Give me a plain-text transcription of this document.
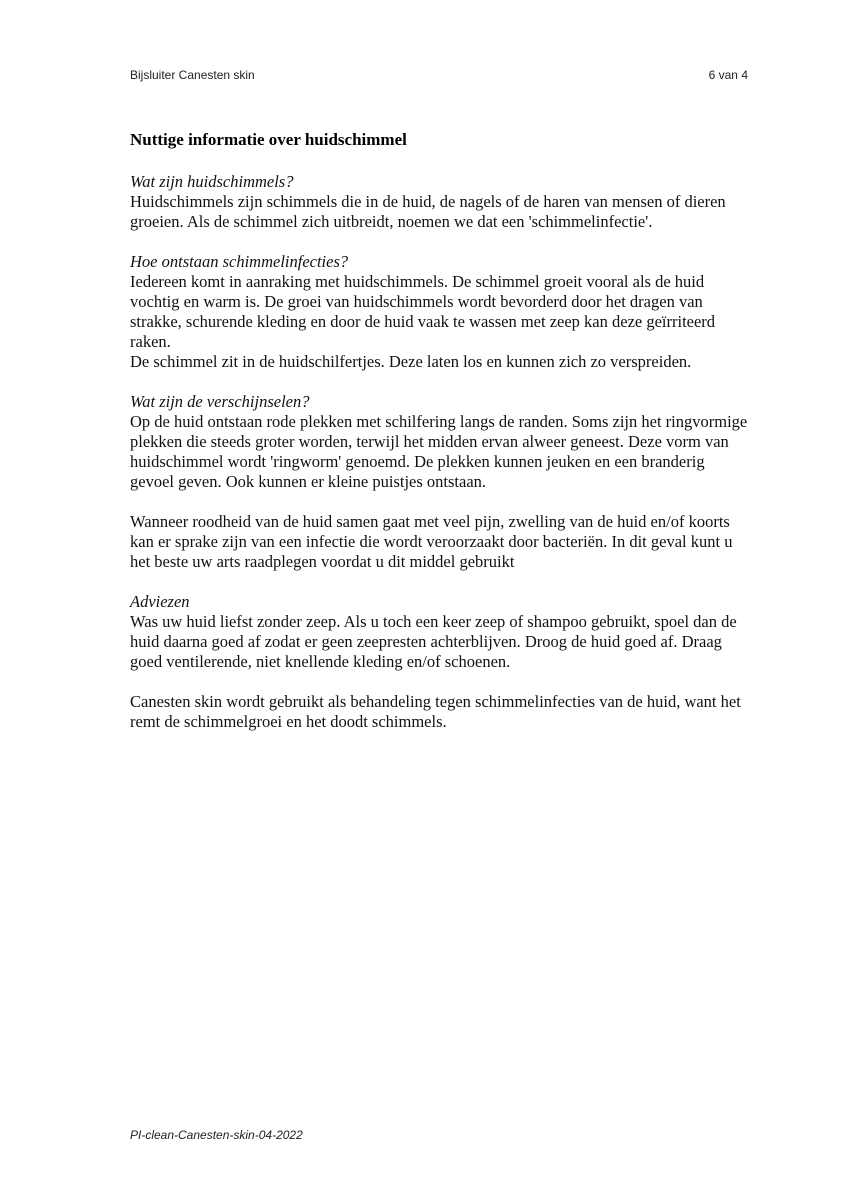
Bijsluiter Canesten skin	6 van 4
Nuttige informatie over huidschimmel
Wat zijn huidschimmels?

Huidschimmels zijn schimmels die in de huid, de nagels of de haren van mensen of dieren groeien. Als de schimmel zich uitbreidt, noemen we dat een 'schimmelinfectie'.

Hoe ontstaan schimmelinfecties?

Iedereen komt in aanraking met huidschimmels. De schimmel groeit vooral als de huid vochtig en warm is. De groei van huidschimmels wordt bevorderd door het dragen van strakke, schurende kleding en door de huid vaak te wassen met zeep kan deze geïrriteerd raken.

De schimmel zit in de huidschilfertjes. Deze laten los en kunnen zich zo verspreiden.

Wat zijn de verschijnselen?

Op de huid ontstaan rode plekken met schilfering langs de randen. Soms zijn het ringvormige plekken die steeds groter worden, terwijl het midden ervan alweer geneest. Deze vorm van huidschimmel wordt 'ringworm' genoemd. De plekken kunnen jeuken en een branderig gevoel geven. Ook kunnen er kleine puistjes ontstaan.

Wanneer roodheid van de huid samen gaat met veel pijn, zwelling van de huid en/of koorts kan er sprake zijn van een infectie die wordt veroorzaakt door bacteriën. In dit geval kunt u het beste uw arts raadplegen voordat u dit middel gebruikt

Adviezen

Was uw huid liefst zonder zeep. Als u toch een keer zeep of shampoo gebruikt, spoel dan de huid daarna goed af zodat er geen zeepresten achterblijven. Droog de huid goed af. Draag goed ventilerende, niet knellende kleding en/of schoenen.

Canesten skin wordt gebruikt als behandeling tegen schimmelinfecties van de huid, want het remt de schimmelgroei en het doodt schimmels.

PI-clean-Canesten-skin-04-2022
